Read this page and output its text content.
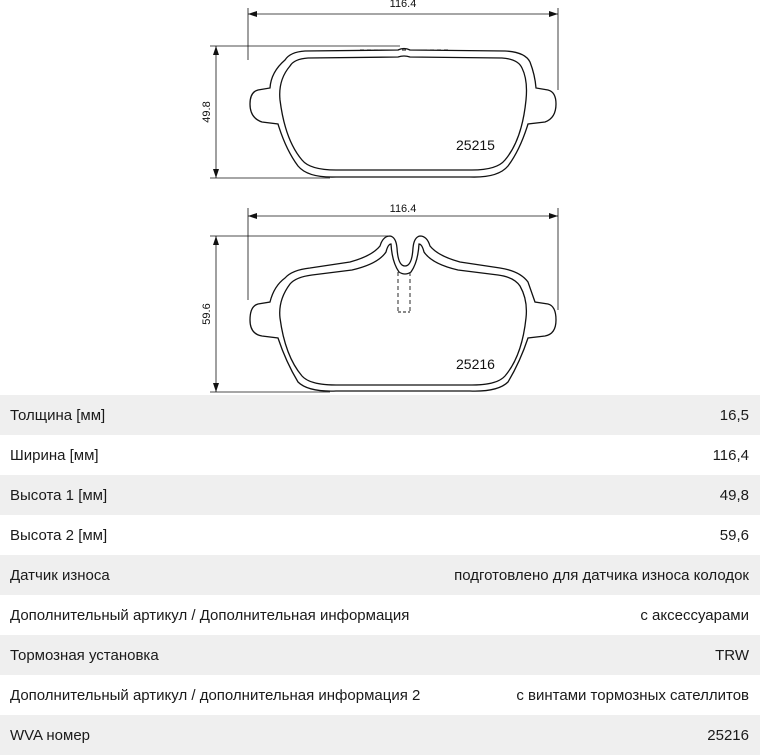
116.4
49.8
25215
116.4
59.6
25216
Толщина [мм]	16,5
Ширина [мм]	116,4
Высота 1 [мм]	49,8
Высота 2 [мм]	59,6
Датчик износа	подготовлено для датчика износа колодок
Дополнительный артикул / Дополнительная информация	с аксессуарами
Тормозная установка	TRW
Дополнительный артикул / дополнительная информация 2	с винтами тормозных сателлитов
WVA номер	25216
